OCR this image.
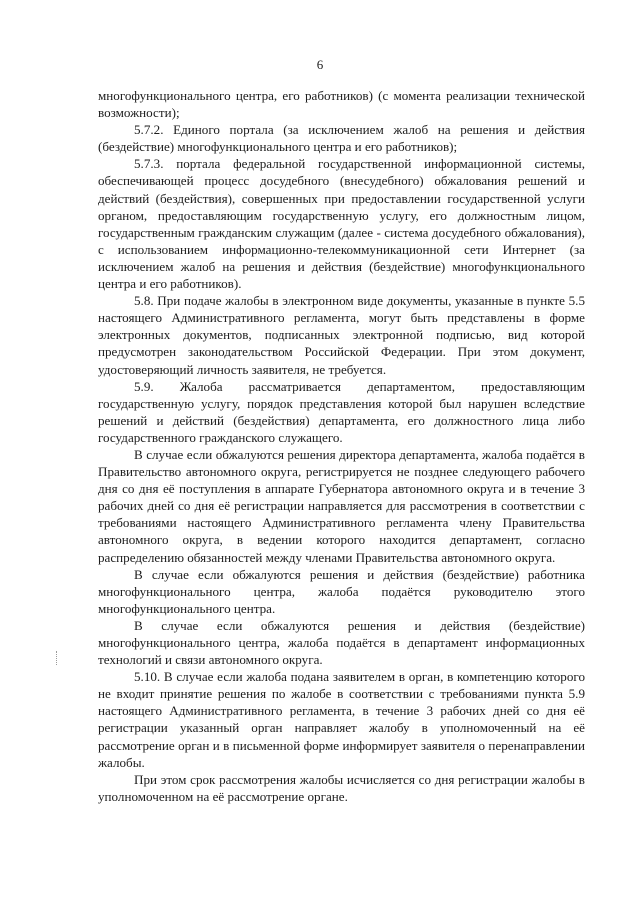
6

многофункционального центра, его работников) (с момента реализации технической возможности);

5.7.2. Единого портала (за исключением жалоб на решения и действия (бездействие) многофункционального центра и его работников);

5.7.3. портала федеральной государственной информационной системы, обеспечивающей процесс досудебного (внесудебного) обжалования решений и действий (бездействия), совершенных при предоставлении государственной услуги органом, предоставляющим государственную услугу, его должностным лицом, государственным гражданским служащим (далее - система досудебного обжалования), с использованием информационно-телекоммуникационной сети Интернет (за исключением жалоб на решения и действия (бездействие) многофункционального центра и его работников).

5.8. При подаче жалобы в электронном виде документы, указанные в пункте 5.5 настоящего Административного регламента, могут быть представлены в форме электронных документов, подписанных электронной подписью, вид которой предусмотрен законодательством Российской Федерации. При этом документ, удостоверяющий личность заявителя, не требуется.

5.9. Жалоба рассматривается департаментом, предоставляющим государственную услугу, порядок представления которой был нарушен вследствие решений и действий (бездействия) департамента, его должностного лица либо государственного гражданского служащего.

В случае если обжалуются решения директора департамента, жалоба подаётся в Правительство автономного округа, регистрируется не позднее следующего рабочего дня со дня её поступления в аппарате Губернатора автономного округа и в течение 3 рабочих дней со дня её регистрации направляется для рассмотрения в соответствии с требованиями настоящего Административного регламента члену Правительства автономного округа, в ведении которого находится департамент, согласно распределению обязанностей между членами Правительства автономного округа.

В случае если обжалуются решения и действия (бездействие) работника многофункционального центра, жалоба подаётся руководителю этого многофункционального центра.

В случае если обжалуются решения и действия (бездействие) многофункционального центра, жалоба подаётся в департамент информационных технологий и связи автономного округа.

5.10. В случае если жалоба подана заявителем в орган, в компетенцию которого не входит принятие решения по жалобе в соответствии с требованиями пункта 5.9 настоящего Административного регламента, в течение 3 рабочих дней со дня её регистрации указанный орган направляет жалобу в уполномоченный на её рассмотрение орган и в письменной форме информирует заявителя о перенаправлении жалобы.

При этом срок рассмотрения жалобы исчисляется со дня регистрации жалобы в уполномоченном на её рассмотрение органе.
